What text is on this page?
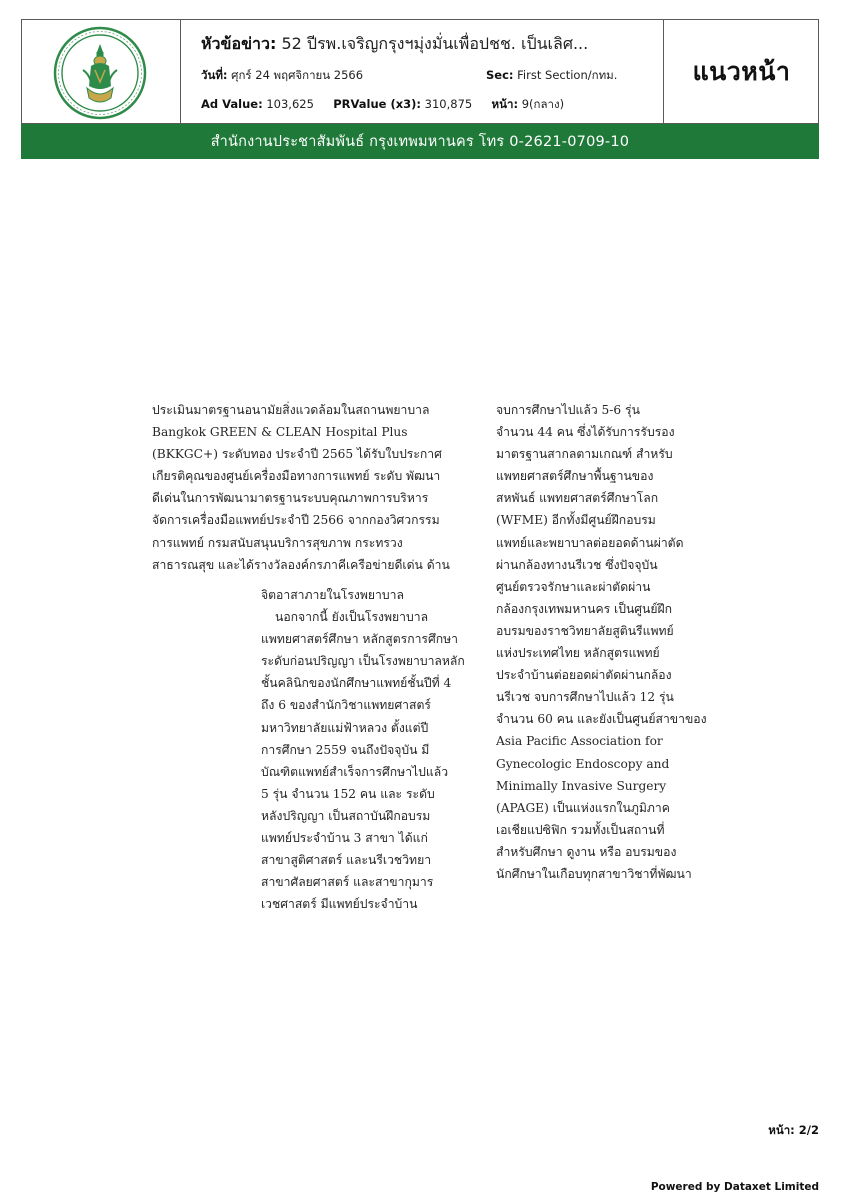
หัวข้อข่าว: 52 ปีรพ.เจริญกรุงฯมุ่งมั่นเพื่อปชช. เป็นเลิศ...
วันที่: ศุกร์ 24 พฤศจิกายน 2566	Sec: First Section/กทม.
Ad Value: 103,625 PRValue (x3): 310,875 หน้า: 9(กลาง)
แนวหน้า
สำนักงานประชาสัมพันธ์ กรุงเทพมหานคร โทร 0-2621-0709-10

ประเมินมาตรฐานอนามัยสิ่งแวดล้อมในสถานพยาบาล

Bangkok GREEN & CLEAN Hospital Plus

(BKKGC+) ระดับทอง ประจำปี 2565 ได้รับใบประกาศ

เกียรติคุณของศูนย์เครื่องมือทางการแพทย์ ระดับ พัฒนา

ดีเด่นในการพัฒนามาตรฐานระบบคุณภาพการบริหาร

จัดการเครื่องมือแพทย์ประจำปี 2566 จากกองวิศวกรรม

การแพทย์ กรมสนับสนุนบริการสุขภาพ กระทรวง

สาธารณสุข และได้รางวัลองค์กรภาคีเครือข่ายดีเด่น ด้าน

จิตอาสาภายในโรงพยาบาล

นอกจากนี้ ยังเป็นโรงพยาบาล

แพทยศาสตร์ศึกษา หลักสูตรการศึกษา

ระดับก่อนปริญญา เป็นโรงพยาบาลหลัก

ชั้นคลินิกของนักศึกษาแพทย์ชั้นปีที่ 4

ถึง 6 ของสำนักวิชาแพทยศาสตร์

มหาวิทยาลัยแม่ฟ้าหลวง ตั้งแต่ปี

การศึกษา 2559 จนถึงปัจจุบัน มี

บัณฑิตแพทย์สำเร็จการศึกษาไปแล้ว

5 รุ่น จำนวน 152 คน และ ระดับ

หลังปริญญา เป็นสถาบันฝึกอบรม

แพทย์ประจำบ้าน 3 สาขา ได้แก่

สาขาสูติศาสตร์ และนรีเวชวิทยา

สาขาศัลยศาสตร์ และสาขากุมาร

เวชศาสตร์ มีแพทย์ประจำบ้าน

จบการศึกษาไปแล้ว 5-6 รุ่น

จำนวน 44 คน ซึ่งได้รับการรับรอง

มาตรฐานสากลตามเกณฑ์ สำหรับ

แพทยศาสตร์ศึกษาพื้นฐานของ

สหพันธ์ แพทยศาสตร์ศึกษาโลก

(WFME) อีกทั้งมีศูนย์ฝึกอบรม

แพทย์และพยาบาลต่อยอดด้านผ่าตัด

ผ่านกล้องทางนรีเวช ซึ่งปัจจุบัน

ศูนย์ตรวจรักษาและผ่าตัดผ่าน

กล้องกรุงเทพมหานคร เป็นศูนย์ฝึก

อบรมของราชวิทยาลัยสูตินรีแพทย์

แห่งประเทศไทย หลักสูตรแพทย์

ประจำบ้านต่อยอดผ่าตัดผ่านกล้อง

นรีเวช จบการศึกษาไปแล้ว 12 รุ่น

จำนวน 60 คน และยังเป็นศูนย์สาขาของ

Asia Pacific Association for

Gynecologic Endoscopy and

Minimally Invasive Surgery

(APAGE) เป็นแห่งแรกในภูมิภาค

เอเชียแปซิฟิก รวมทั้งเป็นสถานที่

สำหรับศึกษา ดูงาน หรือ อบรมของ

นักศึกษาในเกือบทุกสาขาวิชาที่พัฒนา

หน้า: 2/2
Powered by Dataxet Limited
